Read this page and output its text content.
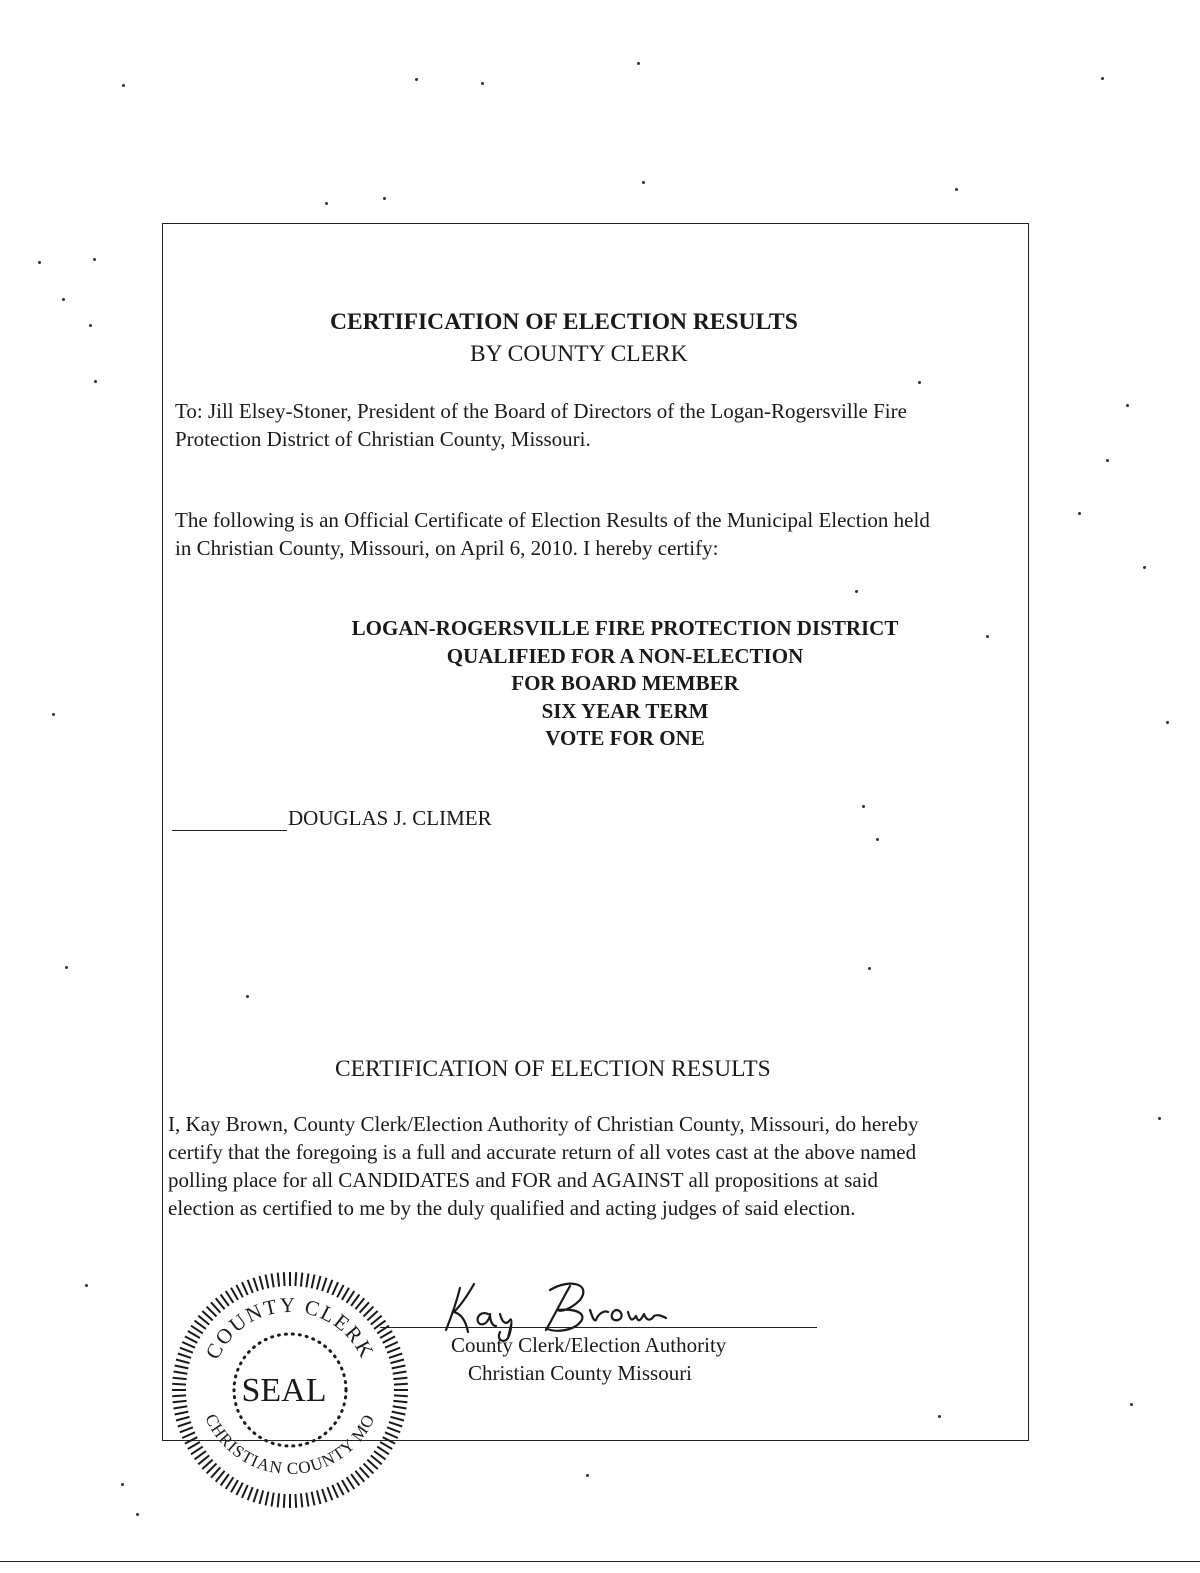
CERTIFICATION OF ELECTION RESULTS
BY COUNTY CLERK
To: Jill Elsey-Stoner, President of the Board of Directors of the Logan-Rogersville Fire
Protection District of Christian County, Missouri.
The following is an Official Certificate of Election Results of the Municipal Election held
in Christian County, Missouri, on April 6, 2010. I hereby certify:
LOGAN-ROGERSVILLE FIRE PROTECTION DISTRICT
QUALIFIED FOR A NON-ELECTION
FOR BOARD MEMBER
SIX YEAR TERM
VOTE FOR ONE
DOUGLAS J. CLIMER
CERTIFICATION OF ELECTION RESULTS
I, Kay Brown, County Clerk/Election Authority of Christian County, Missouri, do hereby
certify that the foregoing is a full and accurate return of all votes cast at the above named
polling place for all CANDIDATES and FOR and AGAINST all propositions at said
election as certified to me by the duly qualified and acting judges of said election.
County Clerk/Election Authority
Christian County Missouri
COUNTY CLERK
CHRISTIAN COUNTY MO
SEAL
